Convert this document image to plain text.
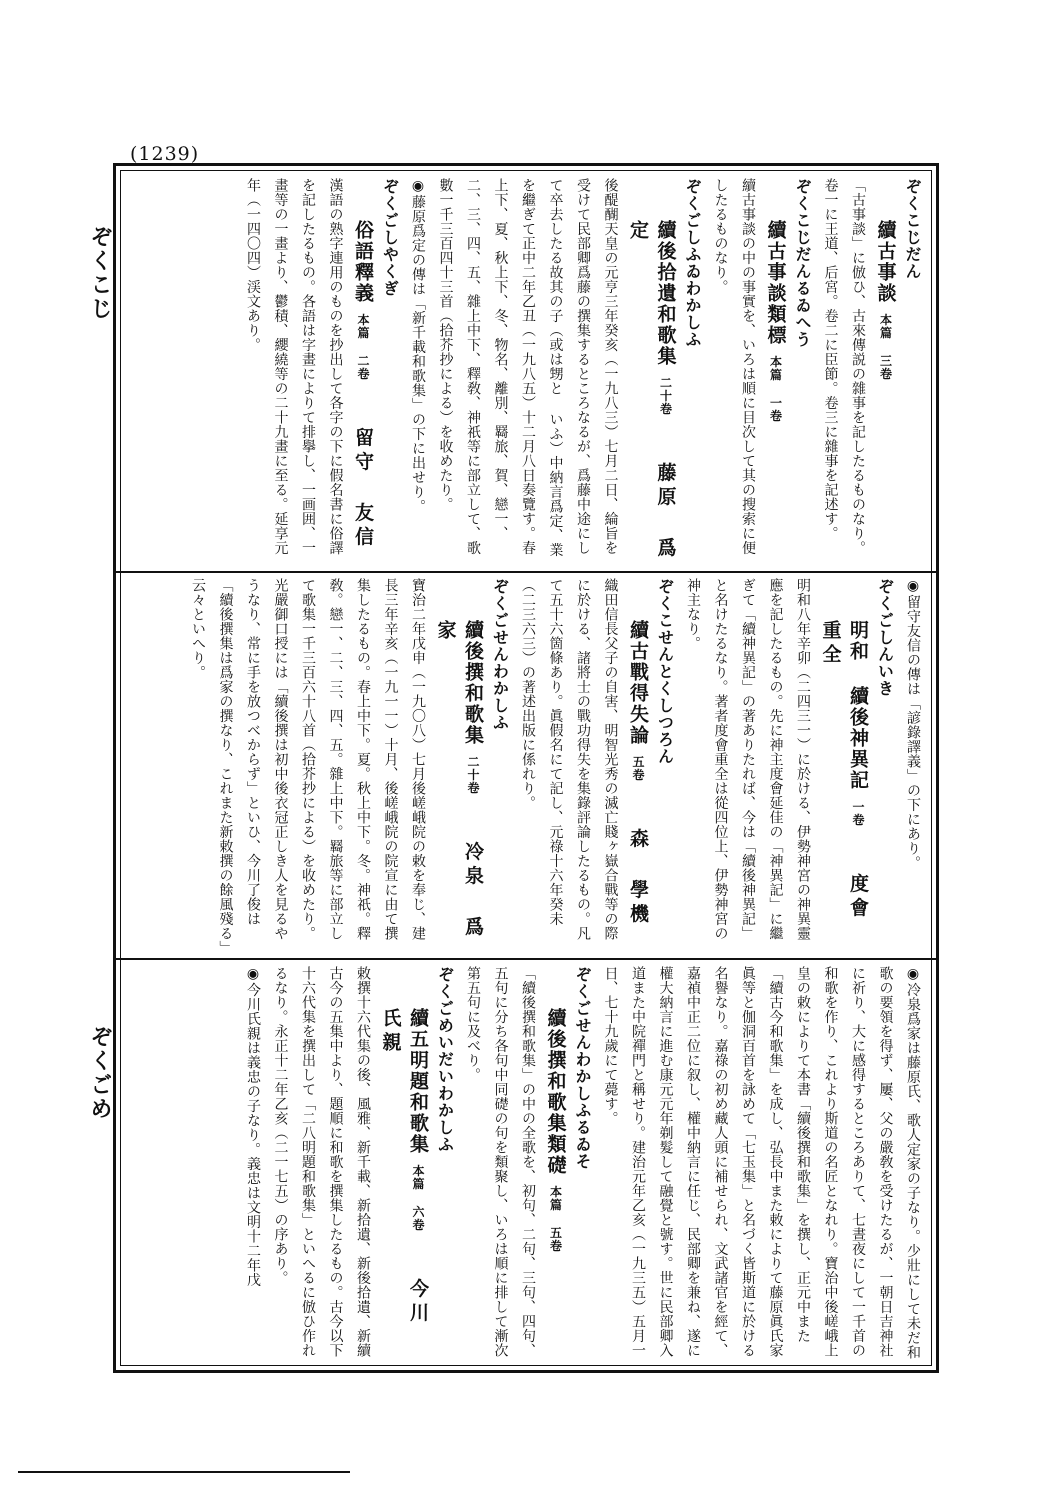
(1239)
ぞくこじ
ぞくごめ
ぞくこじだん
續古事談本篇 三卷
「古事談」に倣ひ、古來傳説の雜事を記したるものなり。卷一に王道、后宮。卷二に臣節。卷三に雜事を記述す。
ぞくこじだんるゐへう
續古事談類標本篇 一卷
續古事談の中の事實を、いろは順に目次して其の搜索に便したるものなり。
ぞくごしふゐわかしふ
續後拾遺和歌集二十卷藤原 爲定
後醍醐天皇の元亨三年癸亥（一九八三）七月二日、綸旨を受けて民部卿爲藤の撰集するところなるが、爲藤中途にして卒去したる故其の子（或は甥と いふ）中納言爲定、業を繼ぎて正中二年乙丑（一九八五）十二月八日奏覽す。春上下、夏、秋上下、冬、物名、離別、羇旅、賀、戀一、二、三、四、五、雜上中下、釋敎、神祇等に部立して、歌數一千三百四十三首（拾芥抄による）を收めたり。
◉藤原爲定の傳は「新千載和歌集」の下に出せり。
ぞくごしやくぎ
俗語釋義本篇 二卷留守 友信
漢語の熟字連用のものを抄出して各字の下に假名書に俗譯を記したるもの。各語は字畫によりて排擧し、一画囲、一畫等の一畫より、鬱積、纓繞等の二十九畫に至る。延享元年（一四〇四）渓文あり。
◉留守友信の傳は「諺錄譯義」の下にあり。
ぞくごしんいき
明和 續後神異記一卷度會 重全
明和八年辛卯（二四三一）に於ける、伊勢神宮の神異靈應を記したるもの。先に神主度會延佳の「神異記」に繼ぎて「續神異記」の著ありたれば、今は「續後神異記」と名けたるなり。著者度會重全は從四位上、伊勢神宮の神主なり。
ぞくこせんとくしつろん
續古戰得失論五卷森 學機
織田信長父子の自害、明智光秀の滅亡賤ヶ嶽合戰等の際に於ける、諸將士の戰功得失を集錄評論したるもの。凡て五十六箇條あり。眞假名にて記し、元祿十六年癸未（二三六三）の著述出版に係れり。
ぞくごせんわかしふ
續後撰和歌集二十卷冷泉 爲家
寶治二年戊申（一九〇八）七月後嵯峨院の敕を奉じ、建長三年辛亥（一九一一）十月、後嵯峨院の院宣に由て撰集したるもの。春上中下。夏。秋上中下。冬。神祇。釋敎。戀一、二、三、四、五。雜上中下。羇旅等に部立して歌集一千三百六十八首（拾芥抄による）を收めたり。光嚴御口授には「續後撰は初中後衣冠正しき人を見るやうなり、常に手を放つべからず」といひ、今川了俊は「續後撰集は爲家の撰なり、これまた新敕撰の餘風殘る」云々といへり。
◉冷泉爲家は藤原氏、歌人定家の子なり。少壯にして未だ和歌の要領を得ず、屢、父の嚴敎を受けたるが、一朝日吉神社に祈り、大に感得するところありて、七晝夜にして一千首の和歌を作り、これより斯道の名匠となれり。寶治中後嵯峨上皇の敕によりて本書「續後撰和歌集」を撰し、正元中また「續古今和歌集」を成し、弘長中また敕によりて藤原眞氏家眞等と伽洞百首を詠めて「七玉集」と名づく皆斯道に於ける名譽なり。嘉祿の初め藏人頭に補せられ、文武諸官を經て、嘉禎中正二位に叙し、權中納言に任じ、民部卿を兼ね、遂に權大納言に進む康元元年剃髮して融覺と號す。世に民部卿入道また中院禪門と稱せり。建治元年乙亥（一九三五）五月一日、七十九歲にて薨す。
ぞくごせんわかしふるゐそ
續後撰和歌集類礎本篇 五卷
「續後撰和歌集」の中の全歌を、初句、二句、三句、四句、五句に分ち各句中同礎の句を類聚し、いろは順に排して漸次第五句に及べり。
ぞくごめいだいわかしふ
續五明題和歌集本篇 六卷今川 氏親
敕撰十六代集の後、風雅、新千載、新拾遺、新後拾遺、新續古今の五集中より、題順に和歌を撰集したるもの。古今以下十六代集を撰出して「二八明題和歌集」といへるに倣ひ作れるなり。永正十二年乙亥（二一七五）の序あり。
◉今川氏親は義忠の子なり。義忠は文明十二年戊
